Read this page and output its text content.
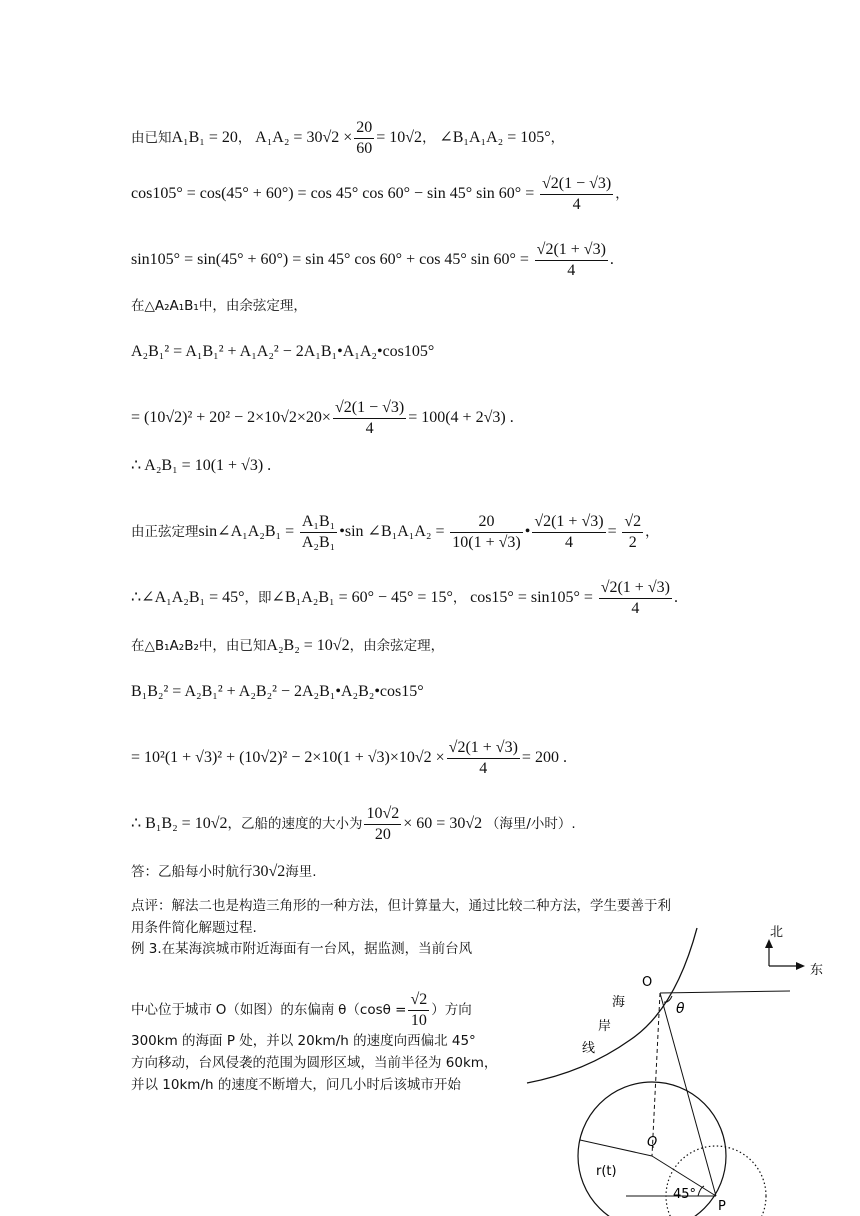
由已知A₁B₁ = 20， $A_1A_2 = 30√2 \times \frac{20}{60} = 10√2$， ∠B₁A₁A₂ = 105°，
cos105° = cos(45° + 60°) = cos 45° cos 60° − sin 45° $\sin 60^\circ = \frac{√2(1 - √3)}{4}$ ，
sin105° = sin(45° + 60°) = sin 45° cos 60° + cos 45° $\sin 60^\circ = \frac{√2(1 + √3)}{4}$ .
在△A₂A₁B₁中，由余弦定理，
A₂B₁² = A₁B₁² + A₁A₂² − 2A₁B₁•A₁A₂•cos105°
= $(10√2)^2 + 20^2 - 2\times 10√2\times 20\times \frac{√2(1 - √3)}{4} = 100(4 + 2√3)$ .
∴ A₂B₁ = 10(1 + √3) .
由正弦定理sin∠A₁A₂B₁ = $\frac{\text{A₁B₁}}{\text{A₂B₁}}$ •sin ∠B₁A₁A₂ = $\frac{20}{10(1 + √3)}$ • $\frac{√2(1 + √3)}{4} = \frac{√2}{2}$ ，
∴∠A₁A₂B₁ = 45°，即∠B₁A₂B₁ = 60° − 45° = 15°， $\cos 15^\circ = \sin 105^\circ = \frac{√2(1 + √3)}{4}$ .
在△B₁A₂B₂中，由已知A₂B₂ = 10√2，由余弦定理，
B₁B₂² = A₂B₁² + A₂B₂² − 2A₂B₁•A₂B₂•cos15°
= $10^2(1 + √3)^2 + (10√2)^2 - 2\times 10(1 + √3)\times 10√2 \times \frac{√2(1 + √3)}{4} = 200$ .
∴ B₁B₂ = 10√2，乙船的速度的大小为 $\frac{10√2}{20} \times 60 = 30√2$ （海里/小时）.
答：乙船每小时航行30√2海里.
点评：解法二也是构造三角形的一种方法，但计算量大，通过比较二种方法，学生要善于利
用条件简化解题过程.
例 3.在某海滨城市附近海面有一台风，据监测，当前台风
中心位于城市 O（如图）的东偏南 $\theta(\cos\theta = \frac{√2}{10}$ ）方向
300km 的海面 P 处，并以 20km/h 的速度向西偏北 45°
方向移动，台风侵袭的范围为圆形区域，当前半径为 60km，
并以 10km/h 的速度不断增大，问几小时后该城市开始
北
东
海
岸
线
O
θ
Q
r(t)
45°
P
